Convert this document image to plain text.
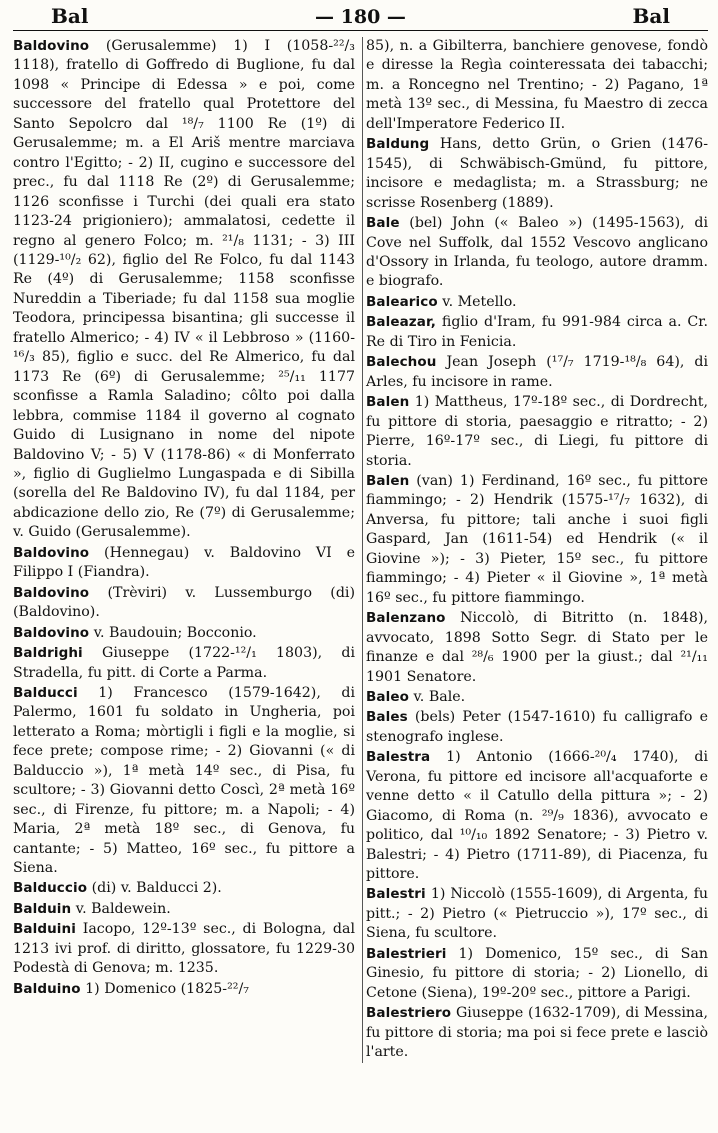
Bal	— 180 —	Bal
Baldovino (Gerusalemme) 1) I (1058-²²/₃ 1118), fratello di Goffredo di Buglione, fu dal 1098 « Principe di Edessa » e poi, come successore del fratello qual Protettore del Santo Sepolcro dal ¹⁸/₇ 1100 Re (1º) di Gerusalemme; m. a El Ariš mentre marciava contro l'Egitto; - 2) II, cugino e successore del prec., fu dal 1118 Re (2º) di Gerusalemme; 1126 sconfisse i Turchi (dei quali era stato 1123-24 prigioniero); ammalatosi, cedette il regno al genero Folco; m. ²¹/₈ 1131; - 3) III (1129-¹⁰/₂ 62), figlio del Re Folco, fu dal 1143 Re (4º) di Gerusalemme; 1158 sconfisse Nureddin a Tiberiade; fu dal 1158 sua moglie Teodora, principessa bisantina; gli successe il fratello Almerico; - 4) IV « il Lebbroso » (1160-¹⁶/₃ 85), figlio e succ. del Re Almerico, fu dal 1173 Re (6º) di Gerusalemme; ²⁵/₁₁ 1177 sconfisse a Ramla Saladino; côlto poi dalla lebbra, commise 1184 il governo al cognato Guido di Lusignano in nome del nipote Baldovino V; - 5) V (1178-86) « di Monferrato », figlio di Guglielmo Lungaspada e di Sibilla (sorella del Re Baldovino IV), fu dal 1184, per abdicazione dello zio, Re (7º) di Gerusalemme; v. Guido (Gerusalemme).
Baldovino (Hennegau) v. Baldovino VI e Filippo I (Fiandra).
Baldovino (Trèviri) v. Lussemburgo (di) (Baldovino).
Baldovino v. Baudouin; Bocconio.
Baldrighi Giuseppe (1722-¹²/₁ 1803), di Stradella, fu pitt. di Corte a Parma.
Balducci 1) Francesco (1579-1642), di Palermo, 1601 fu soldato in Ungheria, poi letterato a Roma; mòrtigli i figli e la moglie, si fece prete; compose rime; - 2) Giovanni (« di Balduccio »), 1ª metà 14º sec., di Pisa, fu scultore; - 3) Giovanni detto Coscì, 2ª metà 16º sec., di Firenze, fu pittore; m. a Napoli; - 4) Maria, 2ª metà 18º sec., di Genova, fu cantante; - 5) Matteo, 16º sec., fu pittore a Siena.
Balduccio (di) v. Balducci 2).
Balduin v. Baldewein.
Balduini Iacopo, 12º-13º sec., di Bologna, dal 1213 ivi prof. di diritto, glossatore, fu 1229-30 Podestà di Genova; m. 1235.
Balduino 1) Domenico (1825-²²/₇
85), n. a Gibilterra, banchiere genovese, fondò e diresse la Regìa cointeressata dei tabacchi; m. a Roncegno nel Trentino; - 2) Pagano, 1ª metà 13º sec., di Messina, fu Maestro di zecca dell'Imperatore Federico II.
Baldung Hans, detto Grün, o Grien (1476-1545), di Schwäbisch-Gmünd, fu pittore, incisore e medaglista; m. a Strassburg; ne scrisse Rosenberg (1889).
Bale (bel) John (« Baleo ») (1495-1563), di Cove nel Suffolk, dal 1552 Vescovo anglicano d'Ossory in Irlanda, fu teologo, autore dramm. e biografo.
Balearico v. Metello.
Baleazar, figlio d'Iram, fu 991-984 circa a. Cr. Re di Tiro in Fenicia.
Balechou Jean Joseph (¹⁷/₇ 1719-¹⁸/₈ 64), di Arles, fu incisore in rame.
Balen 1) Mattheus, 17º-18º sec., di Dordrecht, fu pittore di storia, paesaggio e ritratto; - 2) Pierre, 16º-17º sec., di Liegi, fu pittore di storia.
Balen (van) 1) Ferdinand, 16º sec., fu pittore fiammingo; - 2) Hendrik (1575-¹⁷/₇ 1632), di Anversa, fu pittore; tali anche i suoi figli Gaspard, Jan (1611-54) ed Hendrik (« il Giovine »); - 3) Pieter, 15º sec., fu pittore fiammingo; - 4) Pieter « il Giovine », 1ª metà 16º sec., fu pittore fiammingo.
Balenzano Niccolò, di Bitritto (n. 1848), avvocato, 1898 Sotto Segr. di Stato per le finanze e dal ²⁸/₆ 1900 per la giust.; dal ²¹/₁₁ 1901 Senatore.
Baleo v. Bale.
Bales (bels) Peter (1547-1610) fu calligrafo e stenografo inglese.
Balestra 1) Antonio (1666-²⁰/₄ 1740), di Verona, fu pittore ed incisore all'acquaforte e venne detto « il Catullo della pittura »; - 2) Giacomo, di Roma (n. ²⁹/₉ 1836), avvocato e politico, dal ¹⁰/₁₀ 1892 Senatore; - 3) Pietro v. Balestri; - 4) Pietro (1711-89), di Piacenza, fu pittore.
Balestri 1) Niccolò (1555-1609), di Argenta, fu pitt.; - 2) Pietro (« Pietruccio »), 17º sec., di Siena, fu scultore.
Balestrieri 1) Domenico, 15º sec., di San Ginesio, fu pittore di storia; - 2) Lionello, di Cetone (Siena), 19º-20º sec., pittore a Parigi.
Balestriero Giuseppe (1632-1709), di Messina, fu pittore di storia; ma poi si fece prete e lasciò l'arte.
